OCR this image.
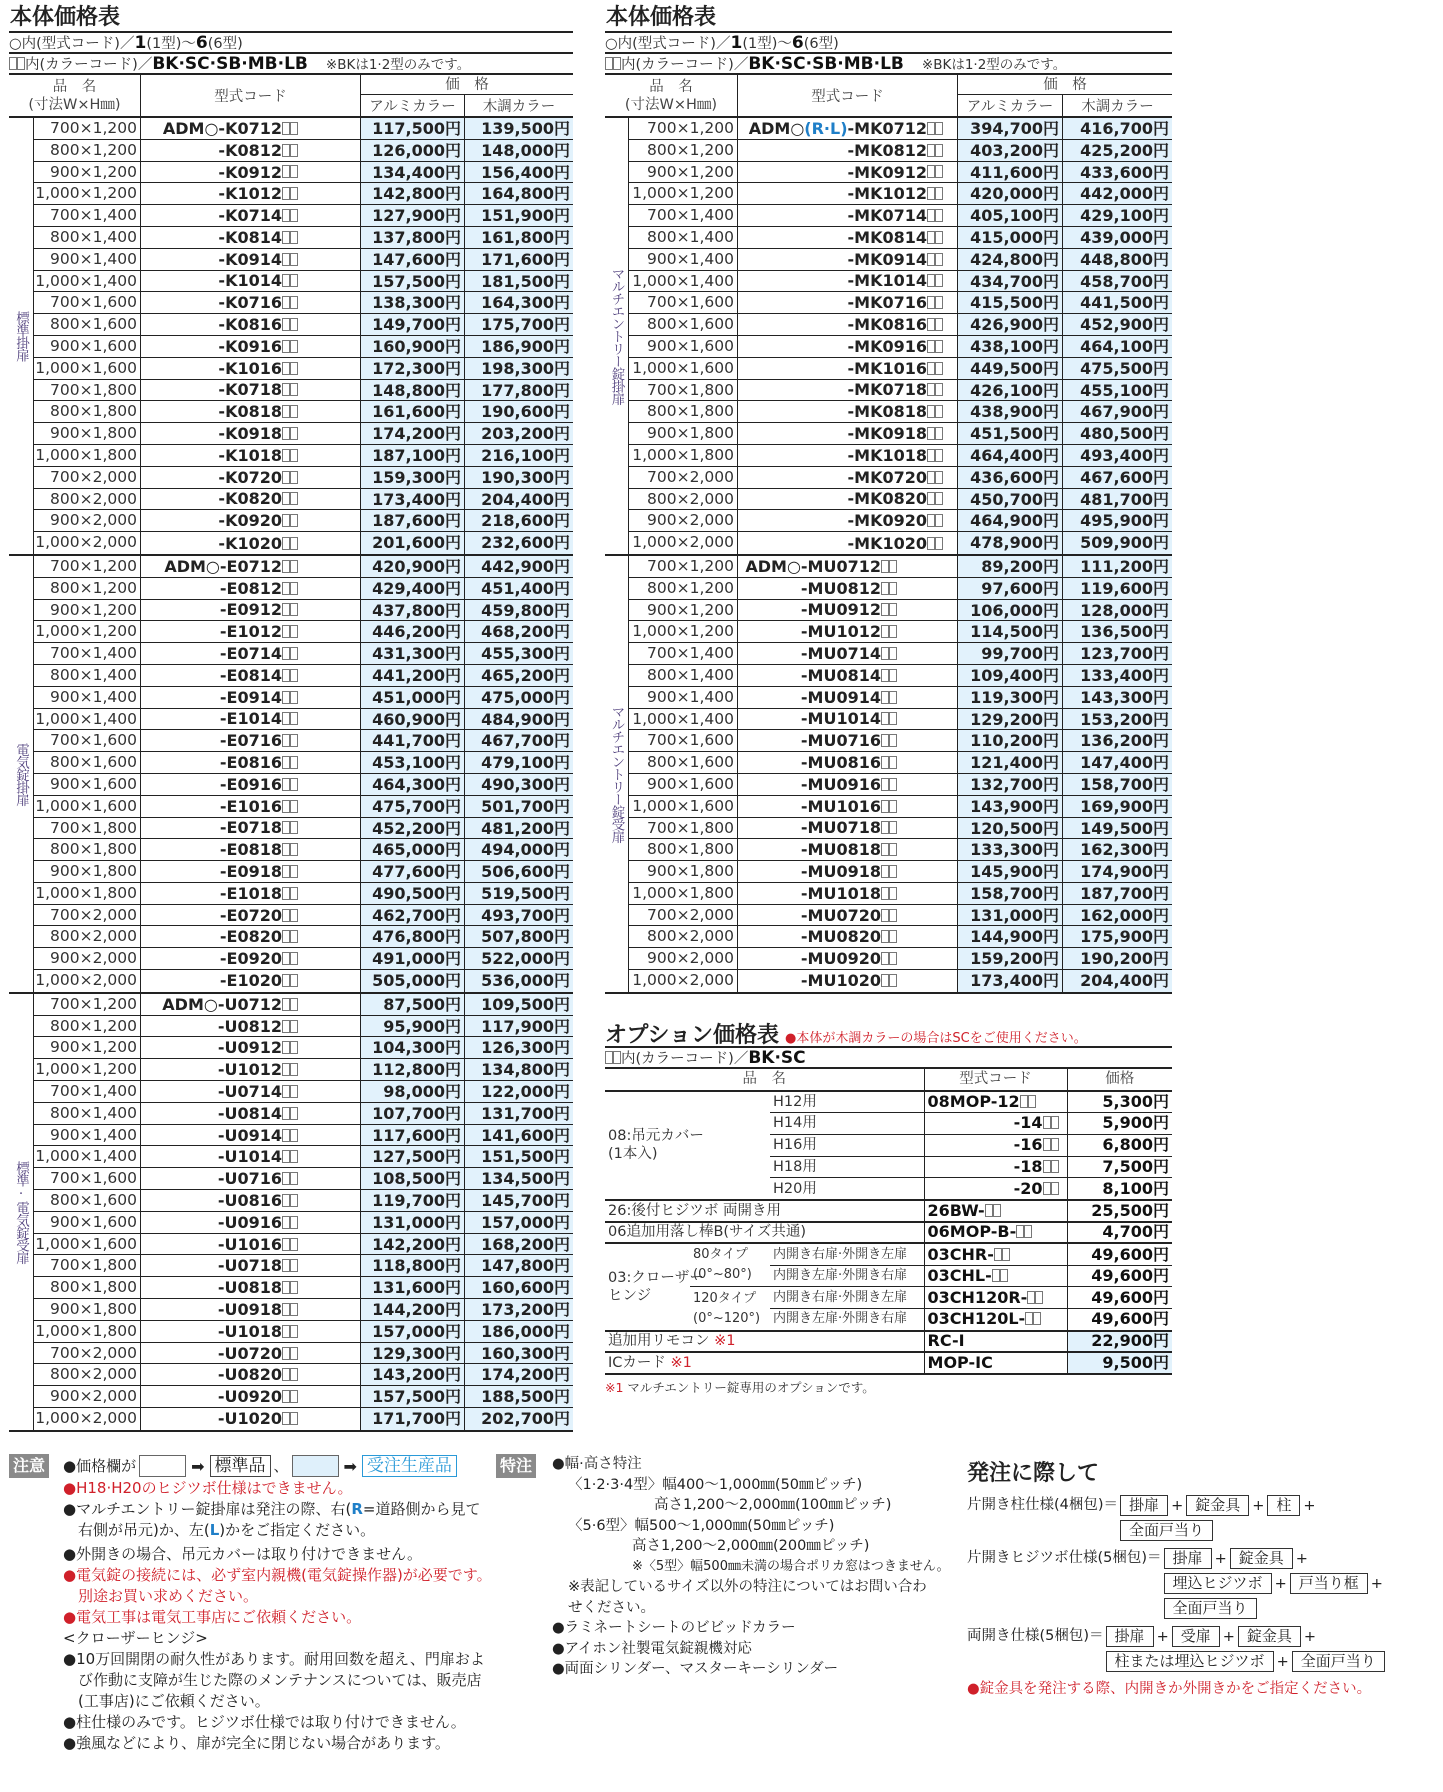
本体価格表
○内(型式コード)／1(1型)～6(6型)
内(カラーコード)／BK·SC·SB·MB·LB ※BKは1·2型のみです。
品　名
(寸法W×H㎜)	型式コード
価　格
アルミカラー	木調カラー
標準掛扉
700×1,200 ADM○ -K0712	117,500円	139,500円
800×1,200	-K0812	126,000円	148,000円
900×1,200	-K0912	134,400円	156,400円
1,000×1,200	-K1012	142,800円	164,800円
700×1,400	-K0714	127,900円	151,900円
800×1,400	-K0814	137,800円	161,800円
900×1,400	-K0914	147,600円	171,600円
1,000×1,400	-K1014	157,500円	181,500円
700×1,600	-K0716	138,300円	164,300円
800×1,600	-K0816	149,700円	175,700円
900×1,600	-K0916	160,900円	186,900円
1,000×1,600	-K1016	172,300円	198,300円
700×1,800	-K0718	148,800円	177,800円
800×1,800	-K0818	161,600円	190,600円
900×1,800	-K0918	174,200円	203,200円
1,000×1,800	-K1018	187,100円	216,100円
700×2,000	-K0720	159,300円	190,300円
800×2,000	-K0820	173,400円	204,400円
900×2,000	-K0920	187,600円	218,600円
1,000×2,000	-K1020	201,600円	232,600円
電気錠掛扉
700×1,200 ADM○ -E0712	420,900円	442,900円
800×1,200	-E0812	429,400円	451,400円
900×1,200	-E0912	437,800円	459,800円
1,000×1,200	-E1012	446,200円	468,200円
700×1,400	-E0714	431,300円	455,300円
800×1,400	-E0814	441,200円	465,200円
900×1,400	-E0914	451,000円	475,000円
1,000×1,400	-E1014	460,900円	484,900円
700×1,600	-E0716	441,700円	467,700円
800×1,600	-E0816	453,100円	479,100円
900×1,600	-E0916	464,300円	490,300円
1,000×1,600	-E1016	475,700円	501,700円
700×1,800	-E0718	452,200円	481,200円
800×1,800	-E0818	465,000円	494,000円
900×1,800	-E0918	477,600円	506,600円
1,000×1,800	-E1018	490,500円	519,500円
700×2,000	-E0720	462,700円	493,700円
800×2,000	-E0820	476,800円	507,800円
900×2,000	-E0920	491,000円	522,000円
1,000×2,000	-E1020	505,000円	536,000円
標準·電気錠受扉
700×1,200 ADM○ -U0712	87,500円	109,500円
800×1,200	-U0812	95,900円	117,900円
900×1,200	-U0912	104,300円	126,300円
1,000×1,200	-U1012	112,800円	134,800円
700×1,400	-U0714	98,000円	122,000円
800×1,400	-U0814	107,700円	131,700円
900×1,400	-U0914	117,600円	141,600円
1,000×1,400	-U1014	127,500円	151,500円
700×1,600	-U0716	108,500円	134,500円
800×1,600	-U0816	119,700円	145,700円
900×1,600	-U0916	131,000円	157,000円
1,000×1,600	-U1016	142,200円	168,200円
700×1,800	-U0718	118,800円	147,800円
800×1,800	-U0818	131,600円	160,600円
900×1,800	-U0918	144,200円	173,200円
1,000×1,800	-U1018	157,000円	186,000円
700×2,000	-U0720	129,300円	160,300円
800×2,000	-U0820	143,200円	174,200円
900×2,000	-U0920	157,500円	188,500円
1,000×2,000	-U1020	171,700円	202,700円
本体価格表
○内(型式コード)／1(1型)～6(6型)
内(カラーコード)／BK·SC·SB·MB·LB ※BKは1·2型のみです。
品　名
(寸法W×H㎜)	型式コード
価　格
アルミカラー	木調カラー
マルチエントリー錠掛扉
700×1,200 ADM○ (R·L) -MK0712	394,700円	416,700円
800×1,200	-MK0812	403,200円	425,200円
900×1,200	-MK0912	411,600円	433,600円
1,000×1,200	-MK1012	420,000円	442,000円
700×1,400	-MK0714	405,100円	429,100円
800×1,400	-MK0814	415,000円	439,000円
900×1,400	-MK0914	424,800円	448,800円
1,000×1,400	-MK1014	434,700円	458,700円
700×1,600	-MK0716	415,500円	441,500円
800×1,600	-MK0816	426,900円	452,900円
900×1,600	-MK0916	438,100円	464,100円
1,000×1,600	-MK1016	449,500円	475,500円
700×1,800	-MK0718	426,100円	455,100円
800×1,800	-MK0818	438,900円	467,900円
900×1,800	-MK0918	451,500円	480,500円
1,000×1,800	-MK1018	464,400円	493,400円
700×2,000	-MK0720	436,600円	467,600円
800×2,000	-MK0820	450,700円	481,700円
900×2,000	-MK0920	464,900円	495,900円
1,000×2,000	-MK1020	478,900円	509,900円
マルチエントリー錠受扉
700×1,200 ADM○ -MU0712	89,200円	111,200円
800×1,200	-MU0812	97,600円	119,600円
900×1,200	-MU0912	106,000円	128,000円
1,000×1,200	-MU1012	114,500円	136,500円
700×1,400	-MU0714	99,700円	123,700円
800×1,400	-MU0814	109,400円	133,400円
900×1,400	-MU0914	119,300円	143,300円
1,000×1,400	-MU1014	129,200円	153,200円
700×1,600	-MU0716	110,200円	136,200円
800×1,600	-MU0816	121,400円	147,400円
900×1,600	-MU0916	132,700円	158,700円
1,000×1,600	-MU1016	143,900円	169,900円
700×1,800	-MU0718	120,500円	149,500円
800×1,800	-MU0818	133,300円	162,300円
900×1,800	-MU0918	145,900円	174,900円
1,000×1,800	-MU1018	158,700円	187,700円
700×2,000	-MU0720	131,000円	162,000円
800×2,000	-MU0820	144,900円	175,900円
900×2,000	-MU0920	159,200円	190,200円
1,000×2,000	-MU1020	173,400円	204,400円
オプション価格表 ●本体が木調カラーの場合はSCをご使用ください。
内(カラーコード)／BK·SC
品　名			型式コード	価格
08:吊元カバー
(1本入)		H12用	08MOP-12	5,300円
		H14用	-14	5,900円
		H16用	-16	6,800円
		H18用	-18	7,500円
		H20用	-20	8,100円
26:後付ヒジツボ 両開き用			26BW-	25,500円
06追加用落し棒B(サイズ共通)			06MOP-B-	4,700円
03:クローザー
ヒンジ	80タイプ
(0°~80°)	内開き右扉·外開き左扉	03CHR-	49,600円
		内開き左扉·外開き右扉	03CHL-	49,600円
	120タイプ
(0°~120°)	内開き右扉·外開き左扉	03CH120R-	49,600円
		内開き左扉·外開き右扉	03CH120L-	49,600円
追加用リモコン ※1			RC-I	22,900円
ICカード ※1			MOP-IC	9,500円
※1 マルチエントリー錠専用のオプションです。
注意 ●価格欄が	➡ 標準品 、	➡ 受注生産品
●H18·H20のヒジツボ仕様はできません。
●マルチエントリー錠掛扉は発注の際、右(R=道路側から見て右側が吊元)か、左(L)かをご指定ください。
●外開きの場合、吊元カバーは取り付けできません。
●電気錠の接続には、必ず室内親機(電気錠操作器)が必要です。別途お買い求めください。
●電気工事は電気工事店にご依頼ください。
<クローザーヒンジ>
●10万回開閉の耐久性があります。耐用回数を超え、門扉および作動に支障が生じた際のメンテナンスについては、販売店(工事店)にご依頼ください。
●柱仕様のみです。ヒジツボ仕様では取り付けできません。
●強風などにより、扉が完全に閉じない場合があります。
特注 ●幅·高さ特注
〈1·2·3·4型〉幅400～1,000㎜(50㎜ピッチ)
高さ1,200～2,000㎜(100㎜ピッチ)
〈5·6型〉幅500～1,000㎜(50㎜ピッチ)
高さ1,200～2,000㎜(200㎜ピッチ)
※〈5型〉幅500㎜未満の場合ポリカ窓はつきません。
※表記しているサイズ以外の特注についてはお問い合わせください。
●ラミネートシートのビビッドカラー
●アイホン社製電気錠親機対応
●両面シリンダー、マスターキーシリンダー
発注に際して
片開き柱仕様(4梱包)＝ 掛扉 + 錠金具 + 柱 +
全面戸当り
片開きヒジツボ仕様(5梱包)＝ 掛扉 + 錠金具 +
埋込ヒジツボ + 戸当り框 +
全面戸当り
両開き仕様(5梱包)＝ 掛扉 + 受扉 + 錠金具 +
柱または埋込ヒジツボ + 全面戸当り
●錠金具を発注する際、内開きか外開きかをご指定ください。
